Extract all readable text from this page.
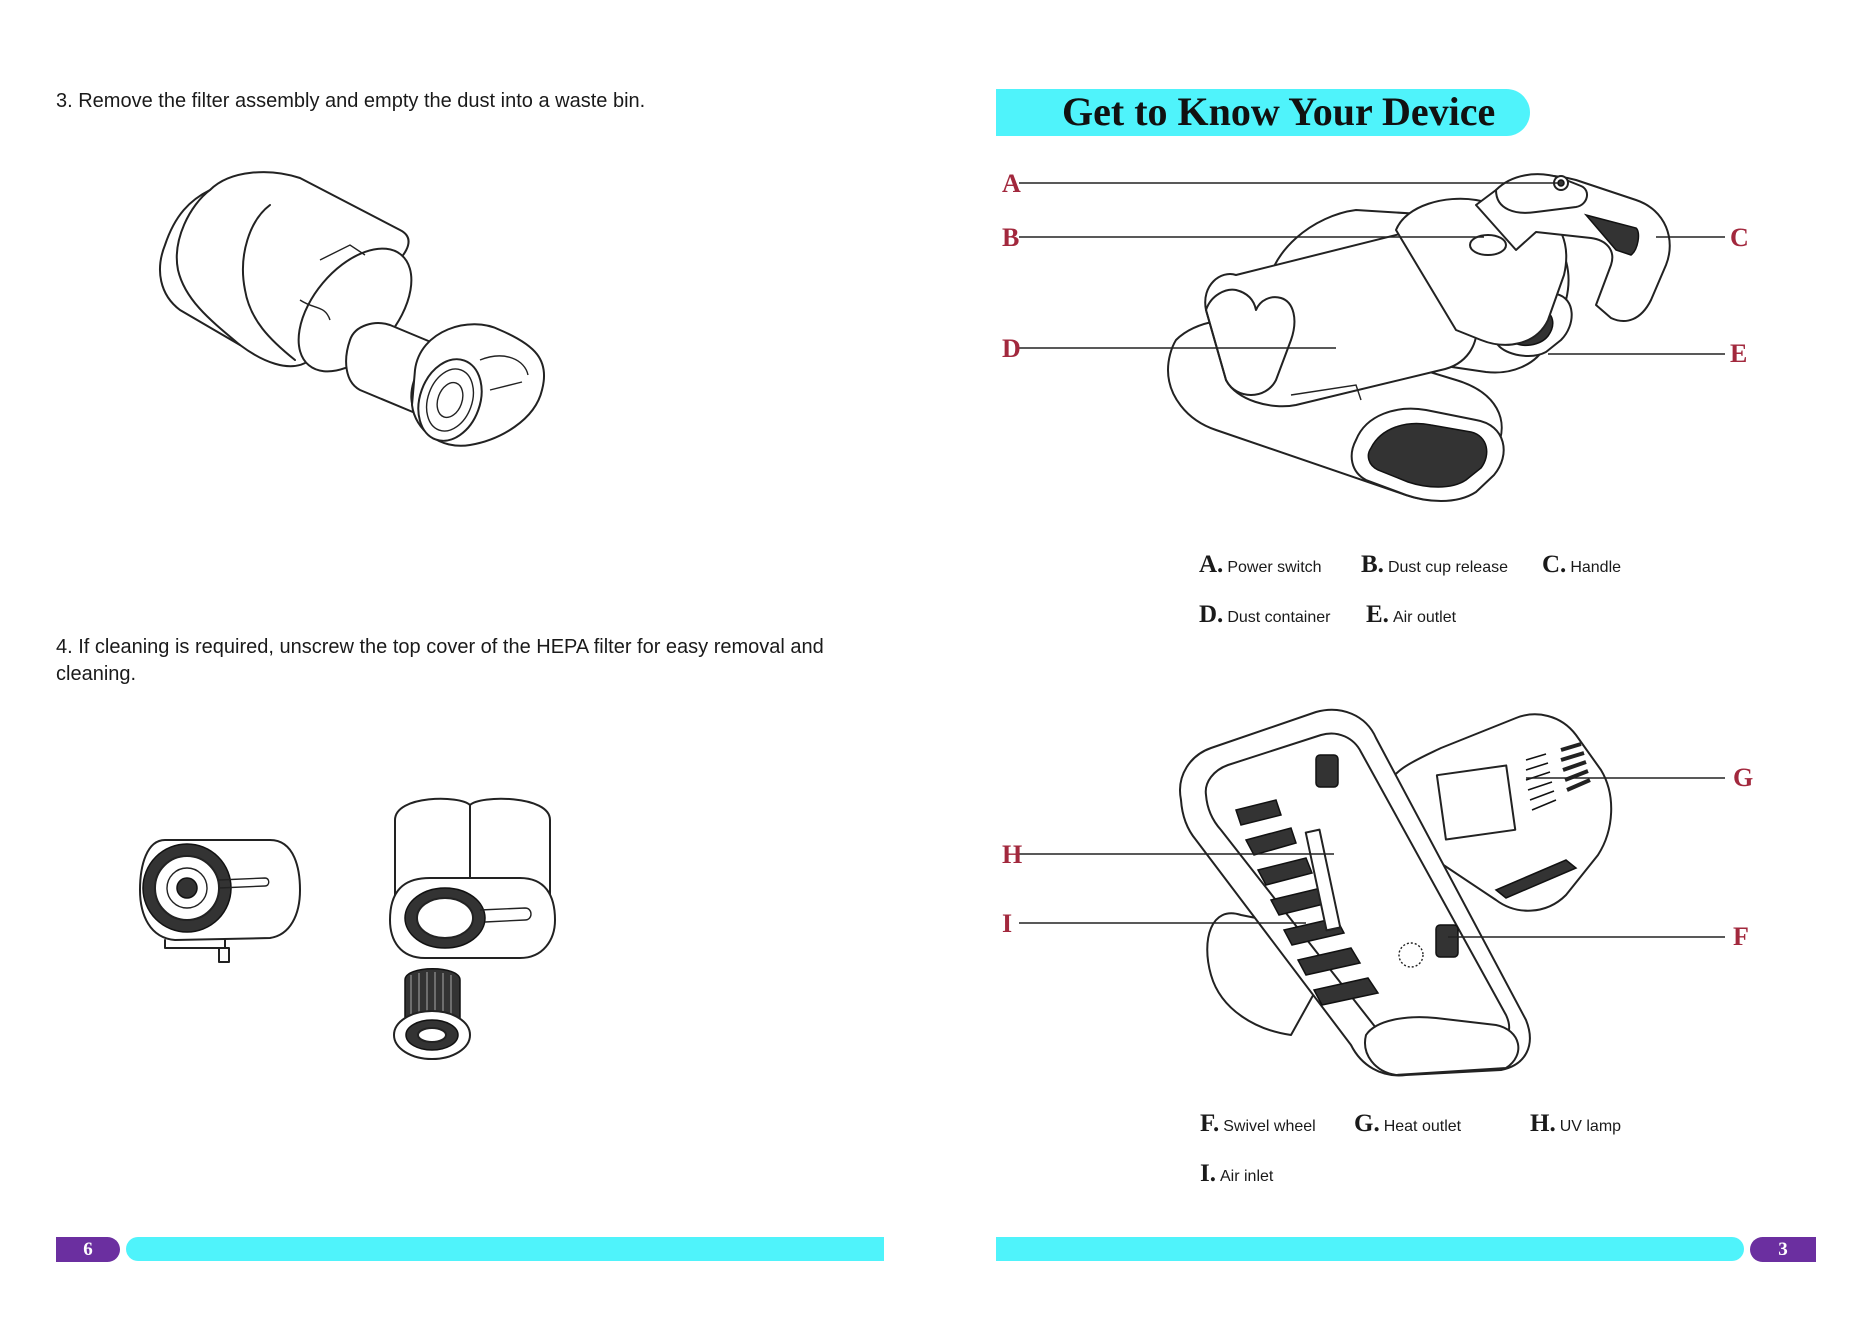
3. Remove the filter assembly and empty the dust into a waste bin.
4. If cleaning is required, unscrew the top cover of the HEPA filter for easy removal and
cleaning.
6
Get to Know Your Device
A
B	C
D	E
A. Power switch B. Dust cup release C. Handle
D. Dust container E. Air outlet
G
H
I	F
F. Swivel wheel G. Heat outlet	H. UV lamp
I. Air inlet
3
